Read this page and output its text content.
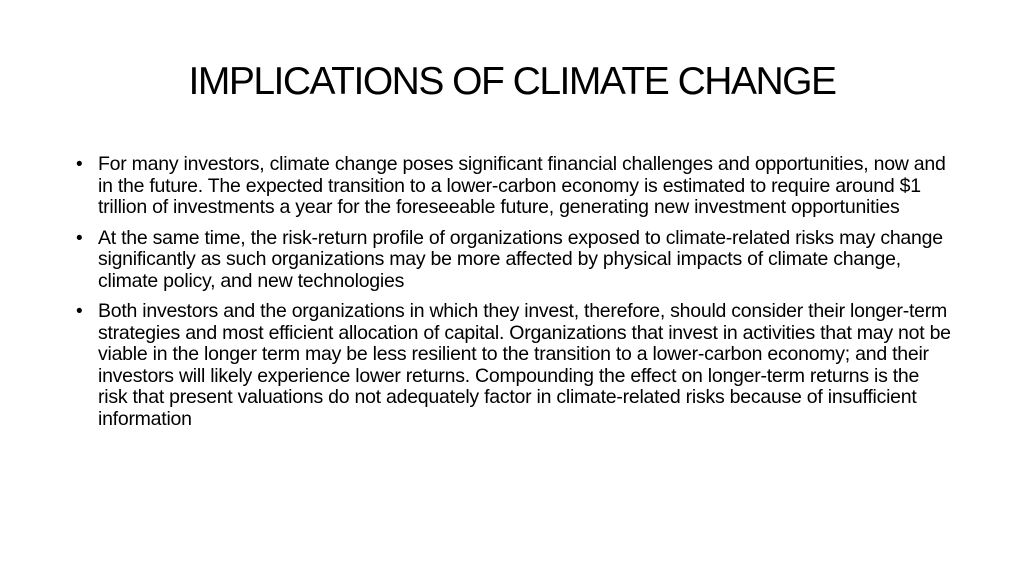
IMPLICATIONS OF CLIMATE CHANGE
• For many investors, climate change poses significant financial challenges and opportunities, now and in the future. The expected transition to a lower-carbon economy is estimated to require around $1 trillion of investments a year for the foreseeable future, generating new investment opportunities
• At the same time, the risk-return profile of organizations exposed to climate-related risks may change significantly as such organizations may be more affected by physical impacts of climate change, climate policy, and new technologies
• Both investors and the organizations in which they invest, therefore, should consider their longer-term strategies and most efficient allocation of capital. Organizations that invest in activities that may not be viable in the longer term may be less resilient to the transition to a lower-carbon economy; and their investors will likely experience lower returns. Compounding the effect on longer-term returns is the risk that present valuations do not adequately factor in climate-related risks because of insufficient information
